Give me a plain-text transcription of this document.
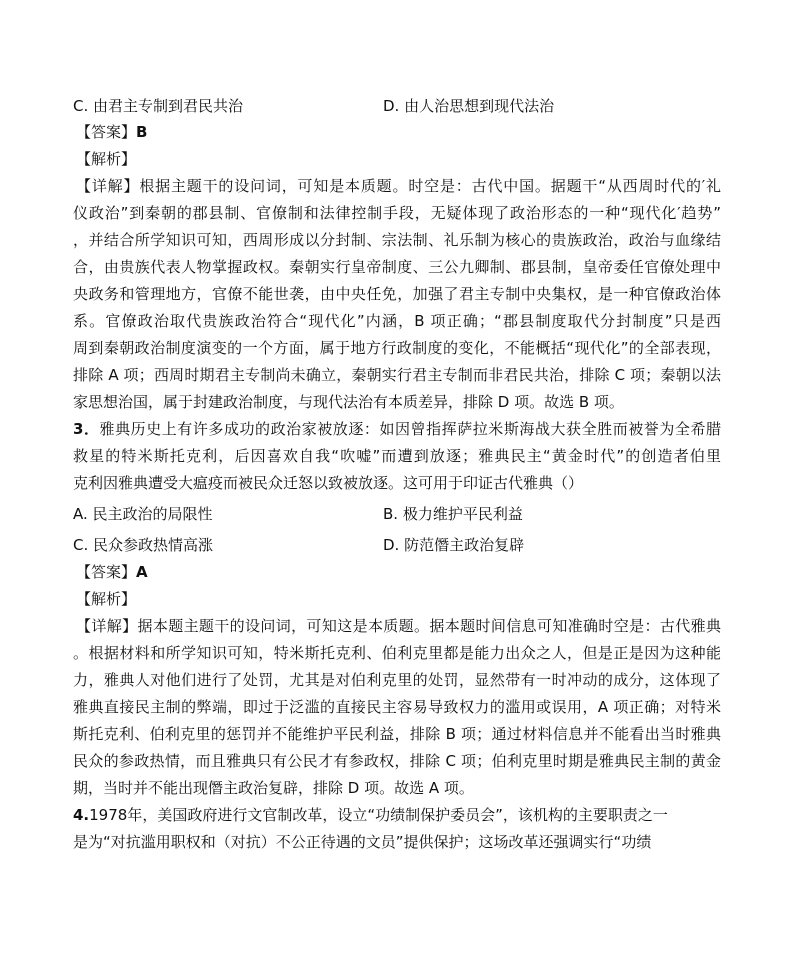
C. 由君主专制到君民共治	D. 由人治思想到现代法治
【答案】B
【解析】
【详解】根据主题干的设问词，可知是本质题。时空是：古代中国。据题干“从西周时代的′礼
仪政治”到秦朝的郡县制、官僚制和法律控制手段，无疑体现了政治形态的一种“现代化′趋势”
，并结合所学知识可知，西周形成以分封制、宗法制、礼乐制为核心的贵族政治，政治与血缘结
合，由贵族代表人物掌握政权。秦朝实行皇帝制度、三公九卿制、郡县制，皇帝委任官僚处理中
央政务和管理地方，官僚不能世袭，由中央任免，加强了君主专制中央集权，是一种官僚政治体
系。官僚政治取代贵族政治符合“现代化”内涵，B 项正确；“郡县制度取代分封制度”只是西
周到秦朝政治制度演变的一个方面，属于地方行政制度的变化，不能概括“现代化”的全部表现，
排除 A 项；西周时期君主专制尚未确立，秦朝实行君主专制而非君民共治，排除 C 项；秦朝以法
家思想治国，属于封建政治制度，与现代法治有本质差异，排除 D 项。故选 B 项。
3．雅典历史上有许多成功的政治家被放逐：如因曾指挥萨拉米斯海战大获全胜而被誉为全希腊
救星的特米斯托克利，后因喜欢自我“吹嘘”而遭到放逐；雅典民主“黄金时代”的创造者伯里
克利因雅典遭受大瘟疫而被民众迁怒以致被放逐。这可用于印证古代雅典（）
A. 民主政治的局限性	B. 极力维护平民利益
C. 民众参政热情高涨	D. 防范僭主政治复辟
【答案】A
【解析】
【详解】据本题主题干的设问词，可知这是本质题。据本题时间信息可知准确时空是：古代雅典
。根据材料和所学知识可知，特米斯托克利、伯利克里都是能力出众之人，但是正是因为这种能
力，雅典人对他们进行了处罚，尤其是对伯利克里的处罚，显然带有一时冲动的成分，这体现了
雅典直接民主制的弊端，即过于泛滥的直接民主容易导致权力的滥用或误用，A 项正确；对特米
斯托克利、伯利克里的惩罚并不能维护平民利益，排除 B 项；通过材料信息并不能看出当时雅典
民众的参政热情，而且雅典只有公民才有参政权，排除 C 项；伯利克里时期是雅典民主制的黄金
期，当时并不能出现僭主政治复辟，排除 D 项。故选 A 项。
4.1978年，美国政府进行文官制改革，设立“功绩制保护委员会”，该机构的主要职责之一
是为“对抗滥用职权和（对抗）不公正待遇的文员”提供保护；这场改革还强调实行“功绩
